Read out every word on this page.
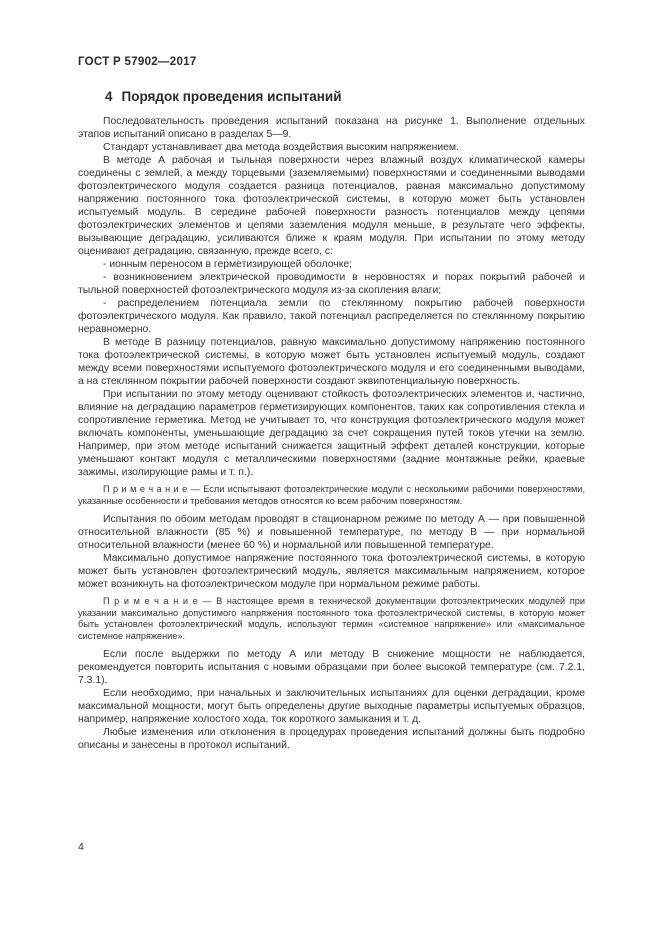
ГОСТ Р 57902—2017
4 Порядок проведения испытаний

Последовательность проведения испытаний показана на рисунке 1. Выполнение отдельных этапов испытаний описано в разделах 5—9.

Стандарт устанавливает два метода воздействия высоким напряжением.

В методе А рабочая и тыльная поверхности через влажный воздух климатической камеры соединены с землей, а между торцевыми (заземляемыми) поверхностями и соединенными выводами фотоэлектрического модуля создается разница потенциалов, равная максимально допустимому напряжению постоянного тока фотоэлектрической системы, в которую может быть установлен испытуемый модуль. В середине рабочей поверхности разность потенциалов между цепями фотоэлектрических элементов и цепями заземления модуля меньше, в результате чего эффекты, вызывающие деградацию, усиливаются ближе к краям модуля. При испытании по этому методу оценивают деградацию, связанную, прежде всего, с:

- ионным переносом в герметизирующей оболочке;

- возникновением электрической проводимости в неровностях и порах покрытий рабочей и тыльной поверхностей фотоэлектрического модуля из-за скопления влаги;

- распределением потенциала земли по стеклянному покрытию рабочей поверхности фотоэлектрического модуля. Как правило, такой потенциал распределяется по стеклянному покрытию неравномерно.

В методе В разницу потенциалов, равную максимально допустимому напряжению постоянного тока фотоэлектрической системы, в которую может быть установлен испытуемый модуль, создают между всеми поверхностями испытуемого фотоэлектрического модуля и его соединенными выводами, а на стеклянном покрытии рабочей поверхности создают эквипотенциальную поверхность.

При испытании по этому методу оценивают стойкость фотоэлектрических элементов и, частично, влияние на деградацию параметров герметизирующих компонентов, таких как сопротивления стекла и сопротивление герметика. Метод не учитывает то, что конструкция фотоэлектрического модуля может включать компоненты, уменьшающие деградацию за счет сокращения путей токов утечки на землю. Например, при этом методе испытаний снижается защитный эффект деталей конструкции, которые уменьшают контакт модуля с металлическими поверхностями (задние монтажные рейки, краевые зажимы, изолирующие рамы и т. п.).

П р и м е ч а н и е — Если испытывают фотоэлектрические модули с несколькими рабочими поверхностями, указанные особенности и требования методов относятся ко всем рабочим поверхностям.

Испытания по обоим методам проводят в стационарном режиме по методу А — при повышенной относительной влажности (85 %) и повышенной температуре, по методу В — при нормальной относительной влажности (менее 60 %) и нормальной или повышенной температуре.

Максимально допустимое напряжение постоянного тока фотоэлектрической системы, в которую может быть установлен фотоэлектрический модуль, является максимальным напряжением, которое может возникнуть на фотоэлектрическом модуле при нормальном режиме работы.

П р и м е ч а н и е — В настоящее время в технической документации фотоэлектрических модулей при указании максимально допустимого напряжения постоянного тока фотоэлектрической системы, в которую может быть установлен фотоэлектрический модуль, используют термин «системное напряжение» или «максимальное системное напряжение».

Если после выдержки по методу А или методу В снижение мощности не наблюдается, рекомендуется повторить испытания с новыми образцами при более высокой температуре (см. 7.2.1, 7.3.1).

Если необходимо, при начальных и заключительных испытаниях для оценки деградации, кроме максимальной мощности, могут быть определены другие выходные параметры испытуемых образцов, например, напряжение холостого хода, ток короткого замыкания и т. д.

Любые изменения или отклонения в процедурах проведения испытаний должны быть подробно описаны и занесены в протокол испытаний.

4
